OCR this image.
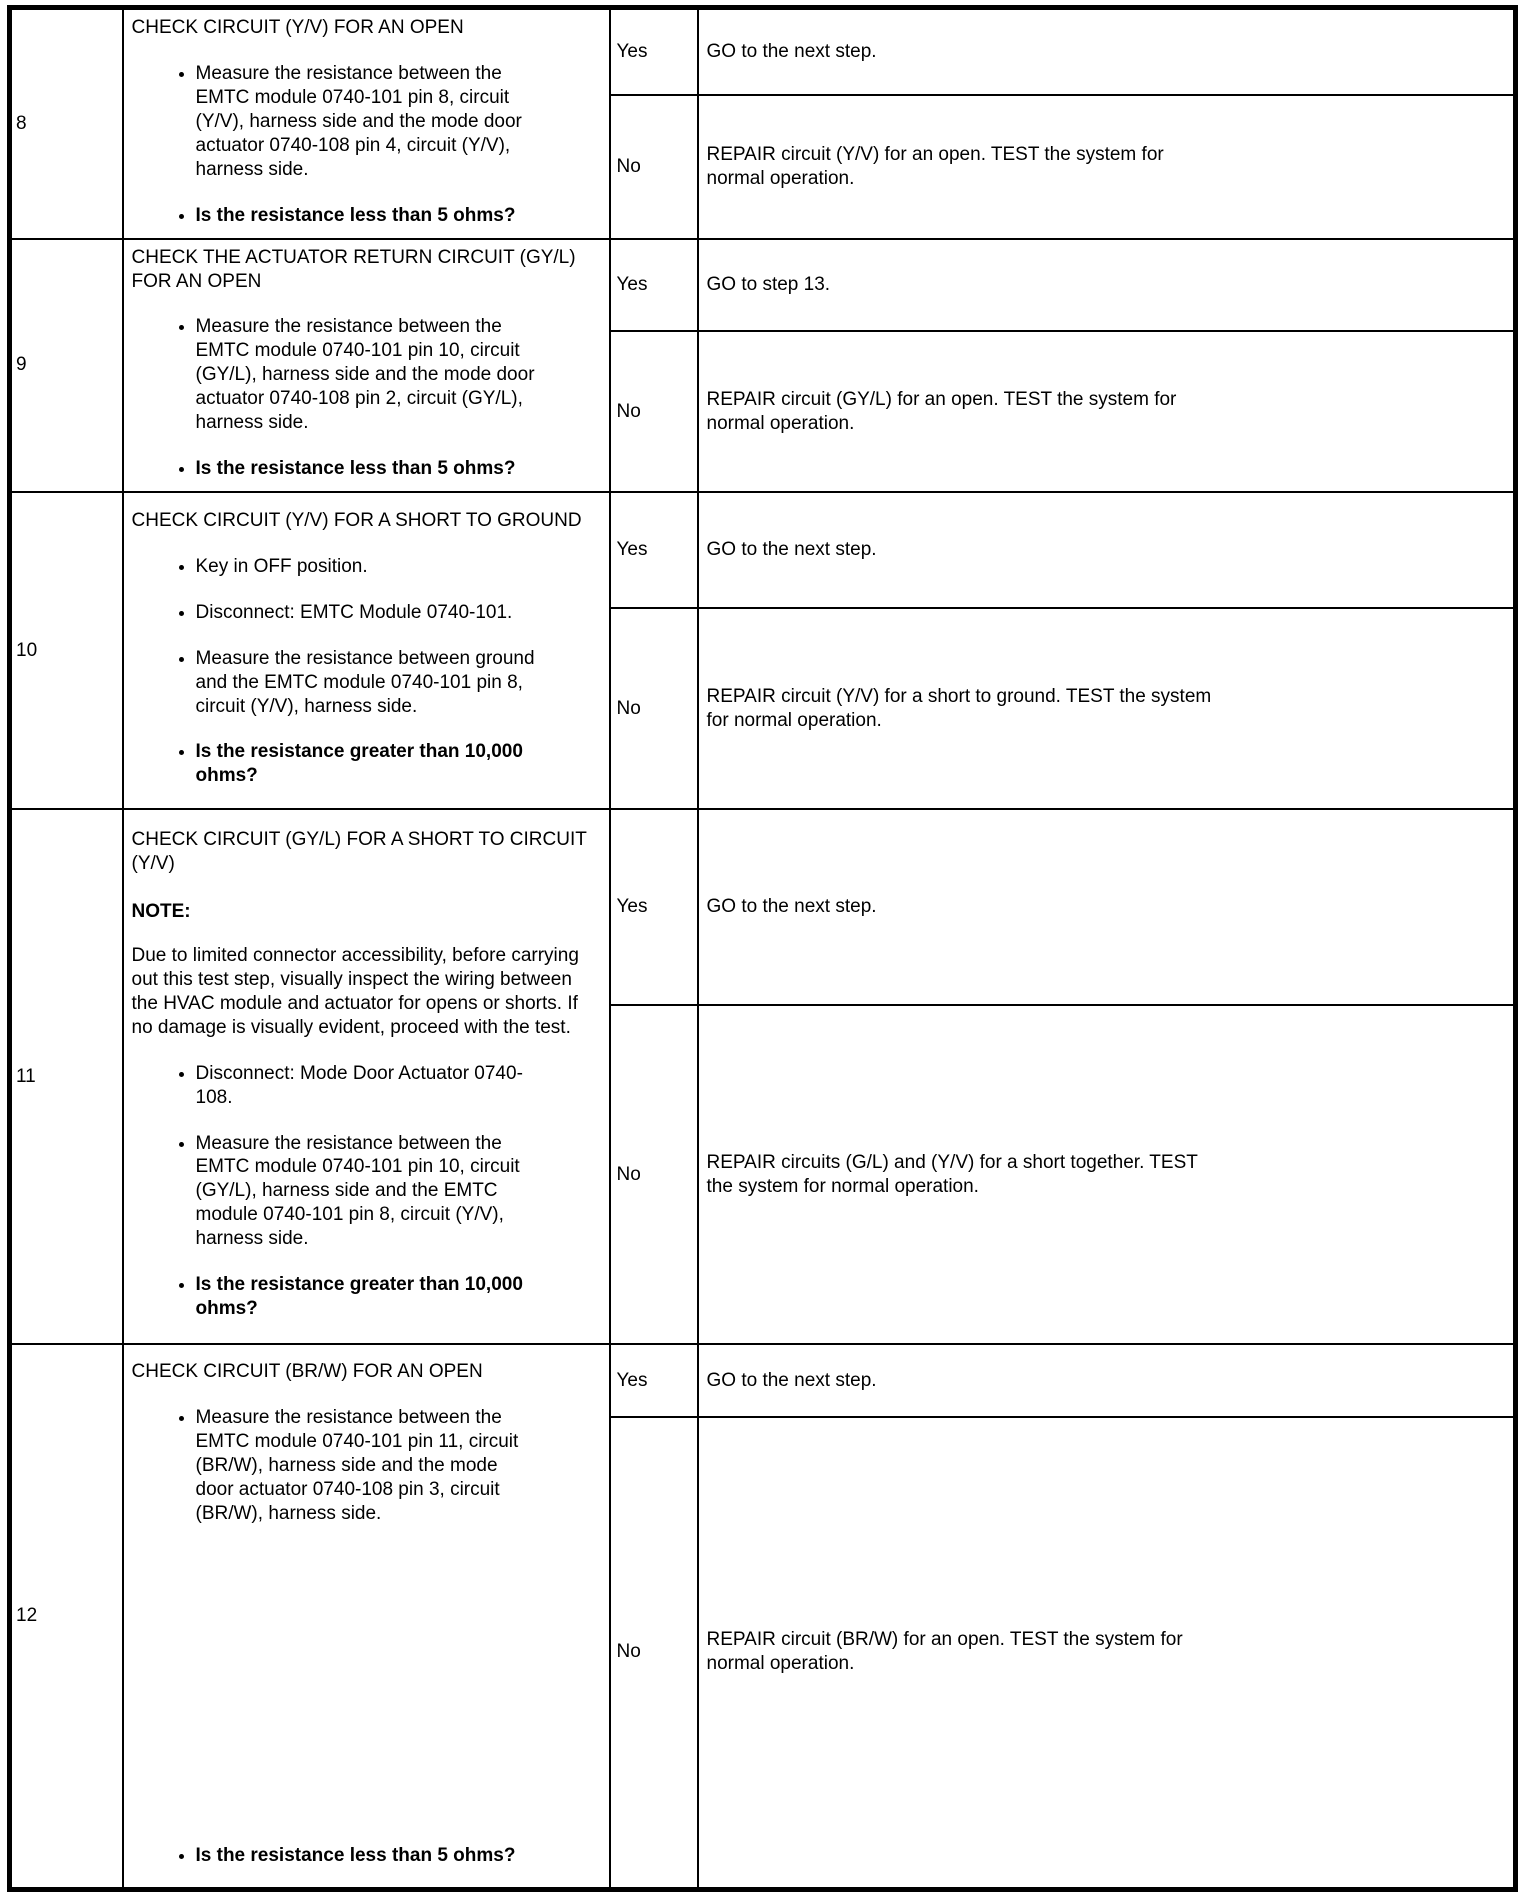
8

CHECK CIRCUIT (Y/V) FOR AN OPEN
• Measure the resistance between the EMTC module 0740-101 pin 8, circuit (Y/V), harness side and the mode door actuator 0740-108 pin 4, circuit (Y/V), harness side.
• Is the resistance less than 5 ohms?

Yes	GO to the next step.

		No	REPAIR circuit (Y/V) for an open. TEST the system for normal operation.

9

CHECK THE ACTUATOR RETURN CIRCUIT (GY/L) FOR AN OPEN
• Measure the resistance between the EMTC module 0740-101 pin 10, circuit (GY/L), harness side and the mode door actuator 0740-108 pin 2, circuit (GY/L), harness side.
• Is the resistance less than 5 ohms?

Yes	GO to step 13.

		No	REPAIR circuit (GY/L) for an open. TEST the system for normal operation.

10

CHECK CIRCUIT (Y/V) FOR A SHORT TO GROUND
• Key in OFF position.
• Disconnect: EMTC Module 0740-101.
• Measure the resistance between ground and the EMTC module 0740-101 pin 8, circuit (Y/V), harness side.
• Is the resistance greater than 10,000 ohms?

Yes	GO to the next step.

		No	REPAIR circuit (Y/V) for a short to ground. TEST the system for normal operation.

11

CHECK CIRCUIT (GY/L) FOR A SHORT TO CIRCUIT (Y/V)
NOTE:
Due to limited connector accessibility, before carrying out this test step, visually inspect the wiring between the HVAC module and actuator for opens or shorts. If no damage is visually evident, proceed with the test.
• Disconnect: Mode Door Actuator 0740-108.
• Measure the resistance between the EMTC module 0740-101 pin 10, circuit (GY/L), harness side and the EMTC module 0740-101 pin 8, circuit (Y/V), harness side.
• Is the resistance greater than 10,000 ohms?

Yes	GO to the next step.

		No	REPAIR circuits (G/L) and (Y/V) for a short together. TEST the system for normal operation.

12

CHECK CIRCUIT (BR/W) FOR AN OPEN
• Measure the resistance between the EMTC module 0740-101 pin 11, circuit (BR/W), harness side and the mode door actuator 0740-108 pin 3, circuit (BR/W), harness side.
• Is the resistance less than 5 ohms?

Yes	GO to the next step.

		No	REPAIR circuit (BR/W) for an open. TEST the system for normal operation.
